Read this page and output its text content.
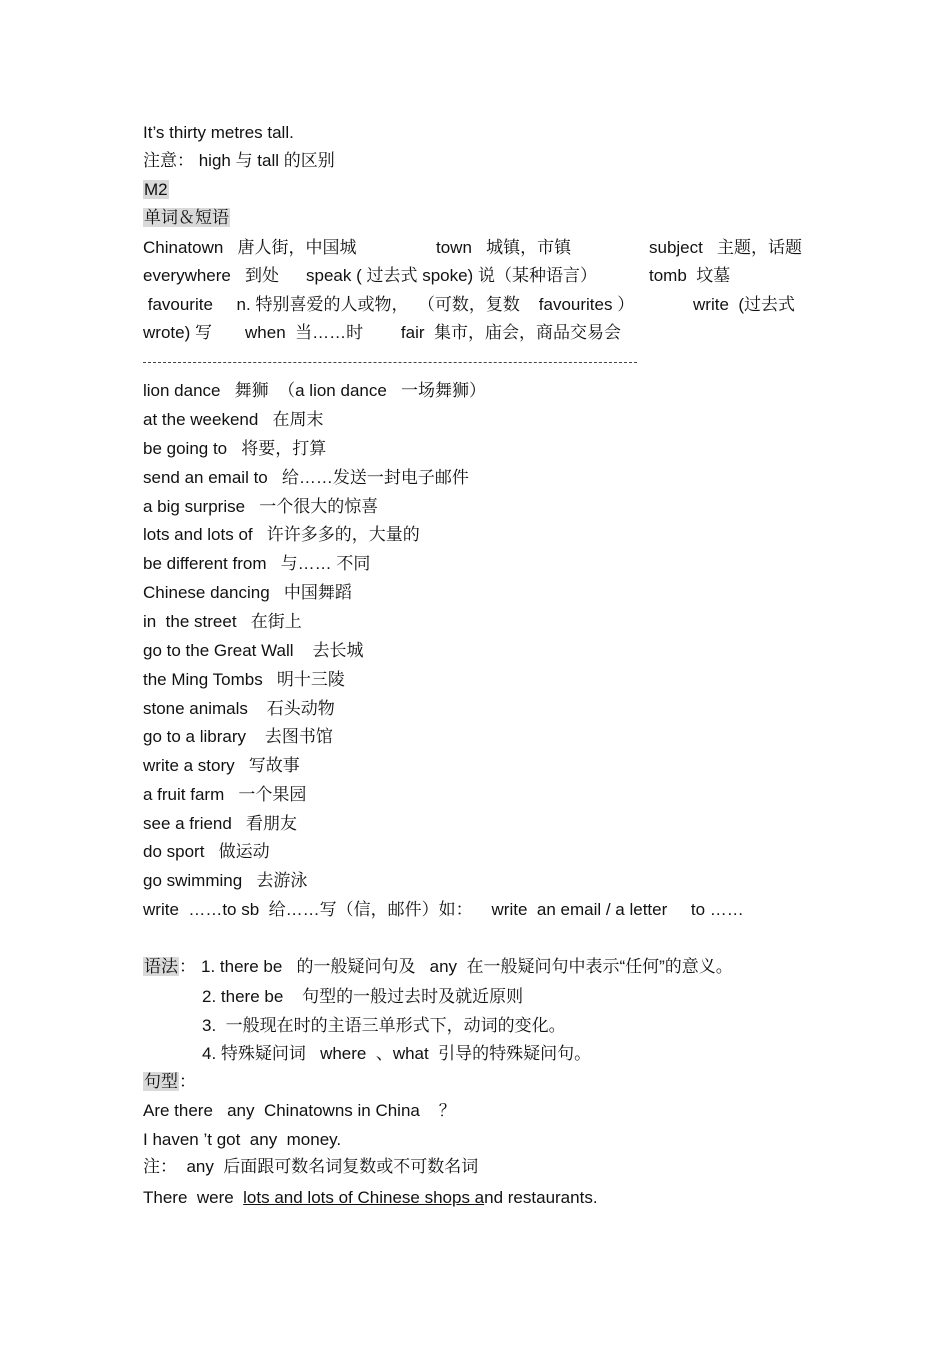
It’s thirty metres tall.
注意： high 与 tall 的区别
M2
单词＆短语
Chinatown   唐人街，中国城	town   城镇，市镇	subject   主题，话题
everywhere   到处 speak ( 过去式 spoke) 说（某种语言）	tomb  坟墓
favourite     n. 特别喜爱的人或物，  （可数，复数    favourites ）	write  (过去式
wrote) 写       when  当……时        fair  集市，庙会，商品交易会
lion dance   舞狮  （a lion dance   一场舞狮）
at the weekend   在周末
be going to   将要，打算
send an email to   给……发送一封电子邮件
a big surprise   一个很大的惊喜
lots and lots of   许许多多的，大量的
be different from   与…… 不同
Chinese dancing   中国舞蹈
in  the street   在街上
go to the Great Wall    去长城
the Ming Tombs   明十三陵
stone animals    石头动物
go to a library    去图书馆
write a story   写故事
a fruit farm   一个果园
see a friend   看朋友
do sport   做运动
go swimming   去游泳
write  ……to sb  给……写（信，邮件）如：    write  an email / a letter     to ……
语法： 1. there be   的一般疑问句及   any  在一般疑问句中表示“任何”的意义。
2. there be    句型的一般过去时及就近原则
3.  一般现在时的主语三单形式下，动词的变化。
4. 特殊疑问词   where  、what  引导的特殊疑问句。
句型：
Are there   any  Chinatowns in China    ？
I haven ’t got  any  money.
注：  any  后面跟可数名词复数或不可数名词
There  were  lots and lots of Chinese shops and restaurants.
